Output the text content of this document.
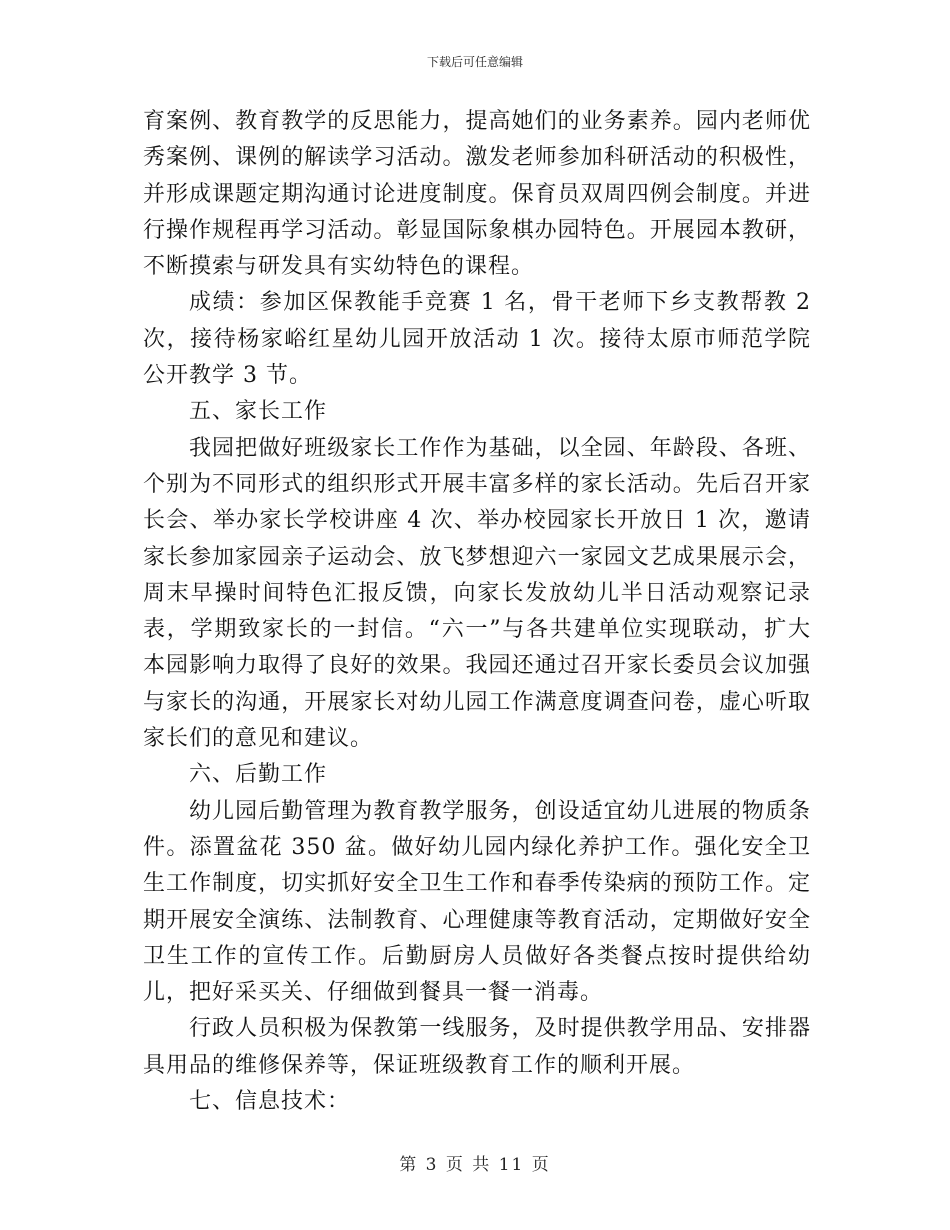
下载后可任意编辑

育案例、教育教学的反思能力，提高她们的业务素养。园内老师优秀案例、课例的解读学习活动。激发老师参加科研活动的积极性，并形成课题定期沟通讨论进度制度。保育员双周四例会制度。并进行操作规程再学习活动。彰显国际象棋办园特色。开展园本教研，不断摸索与研发具有实幼特色的课程。

成绩：参加区保教能手竞赛 1 名，骨干老师下乡支教帮教 2 次，接待杨家峪红星幼儿园开放活动 1 次。接待太原市师范学院公开教学 3 节。

五、家长工作

我园把做好班级家长工作作为基础，以全园、年龄段、各班、个别为不同形式的组织形式开展丰富多样的家长活动。先后召开家长会、举办家长学校讲座 4 次、举办校园家长开放日 1 次，邀请家长参加家园亲子运动会、放飞梦想迎六一家园文艺成果展示会，周末早操时间特色汇报反馈，向家长发放幼儿半日活动观察记录表，学期致家长的一封信。“六一”与各共建单位实现联动，扩大本园影响力取得了良好的效果。我园还通过召开家长委员会议加强与家长的沟通，开展家长对幼儿园工作满意度调查问卷，虚心听取家长们的意见和建议。

六、后勤工作

幼儿园后勤管理为教育教学服务，创设适宜幼儿进展的物质条件。添置盆花 350 盆。做好幼儿园内绿化养护工作。强化安全卫生工作制度，切实抓好安全卫生工作和春季传染病的预防工作。定期开展安全演练、法制教育、心理健康等教育活动，定期做好安全卫生工作的宣传工作。后勤厨房人员做好各类餐点按时提供给幼儿，把好采买关、仔细做到餐具一餐一消毒。

行政人员积极为保教第一线服务，及时提供教学用品、安排器具用品的维修保养等，保证班级教育工作的顺利开展。

七、信息技术：

第 3 页 共 11 页
